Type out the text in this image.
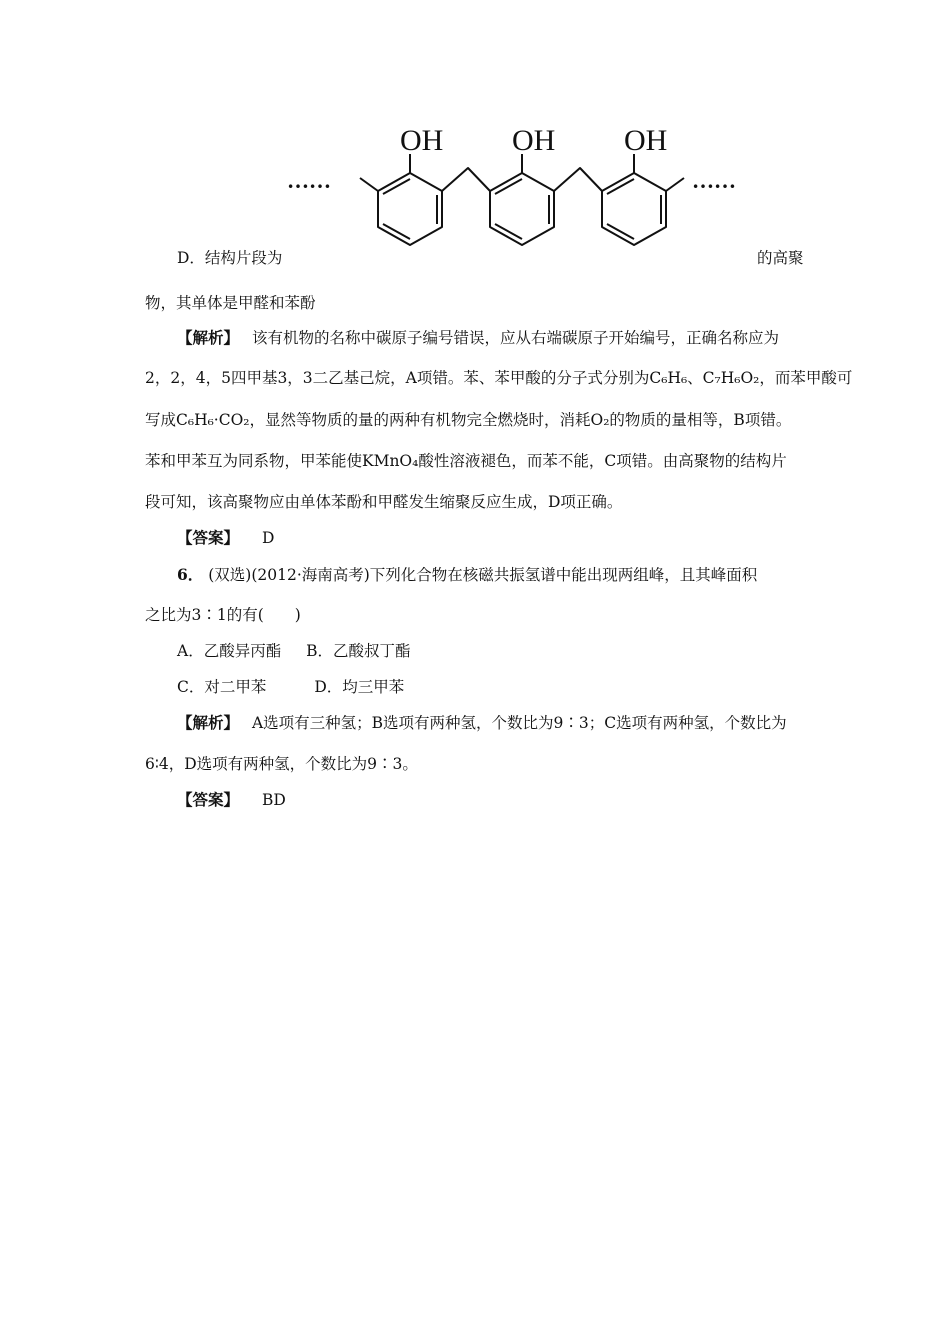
OH OH OH
……	……
D．结构片段为	的高聚
物，其单体是甲醛和苯酚
【解析】 该有机物的名称中碳原子编号错误，应从右端碳原子开始编号，正确名称应为
2，2，4，5四甲基3，3二乙基己烷，A项错。苯、苯甲酸的分子式分别为C₆H₆、C₇H₆O₂，而苯甲酸可
写成C₆H₆·CO₂，显然等物质的量的两种有机物完全燃烧时，消耗O₂的物质的量相等，B项错。
苯和甲苯互为同系物，甲苯能使KMnO₄酸性溶液褪色，而苯不能，C项错。由高聚物的结构片
段可知，该高聚物应由单体苯酚和甲醛发生缩聚反应生成，D项正确。
【答案】 D
6． (双选)(2012·海南高考)下列化合物在核磁共振氢谱中能出现两组峰，且其峰面积
之比为3∶1的有(　　)
A．乙酸异丙酯 B．乙酸叔丁酯
C．对二甲苯	D．均三甲苯
【解析】 A选项有三种氢；B选项有两种氢，个数比为9∶3；C选项有两种氢，个数比为
6∶4，D选项有两种氢，个数比为9∶3。
【答案】 BD
